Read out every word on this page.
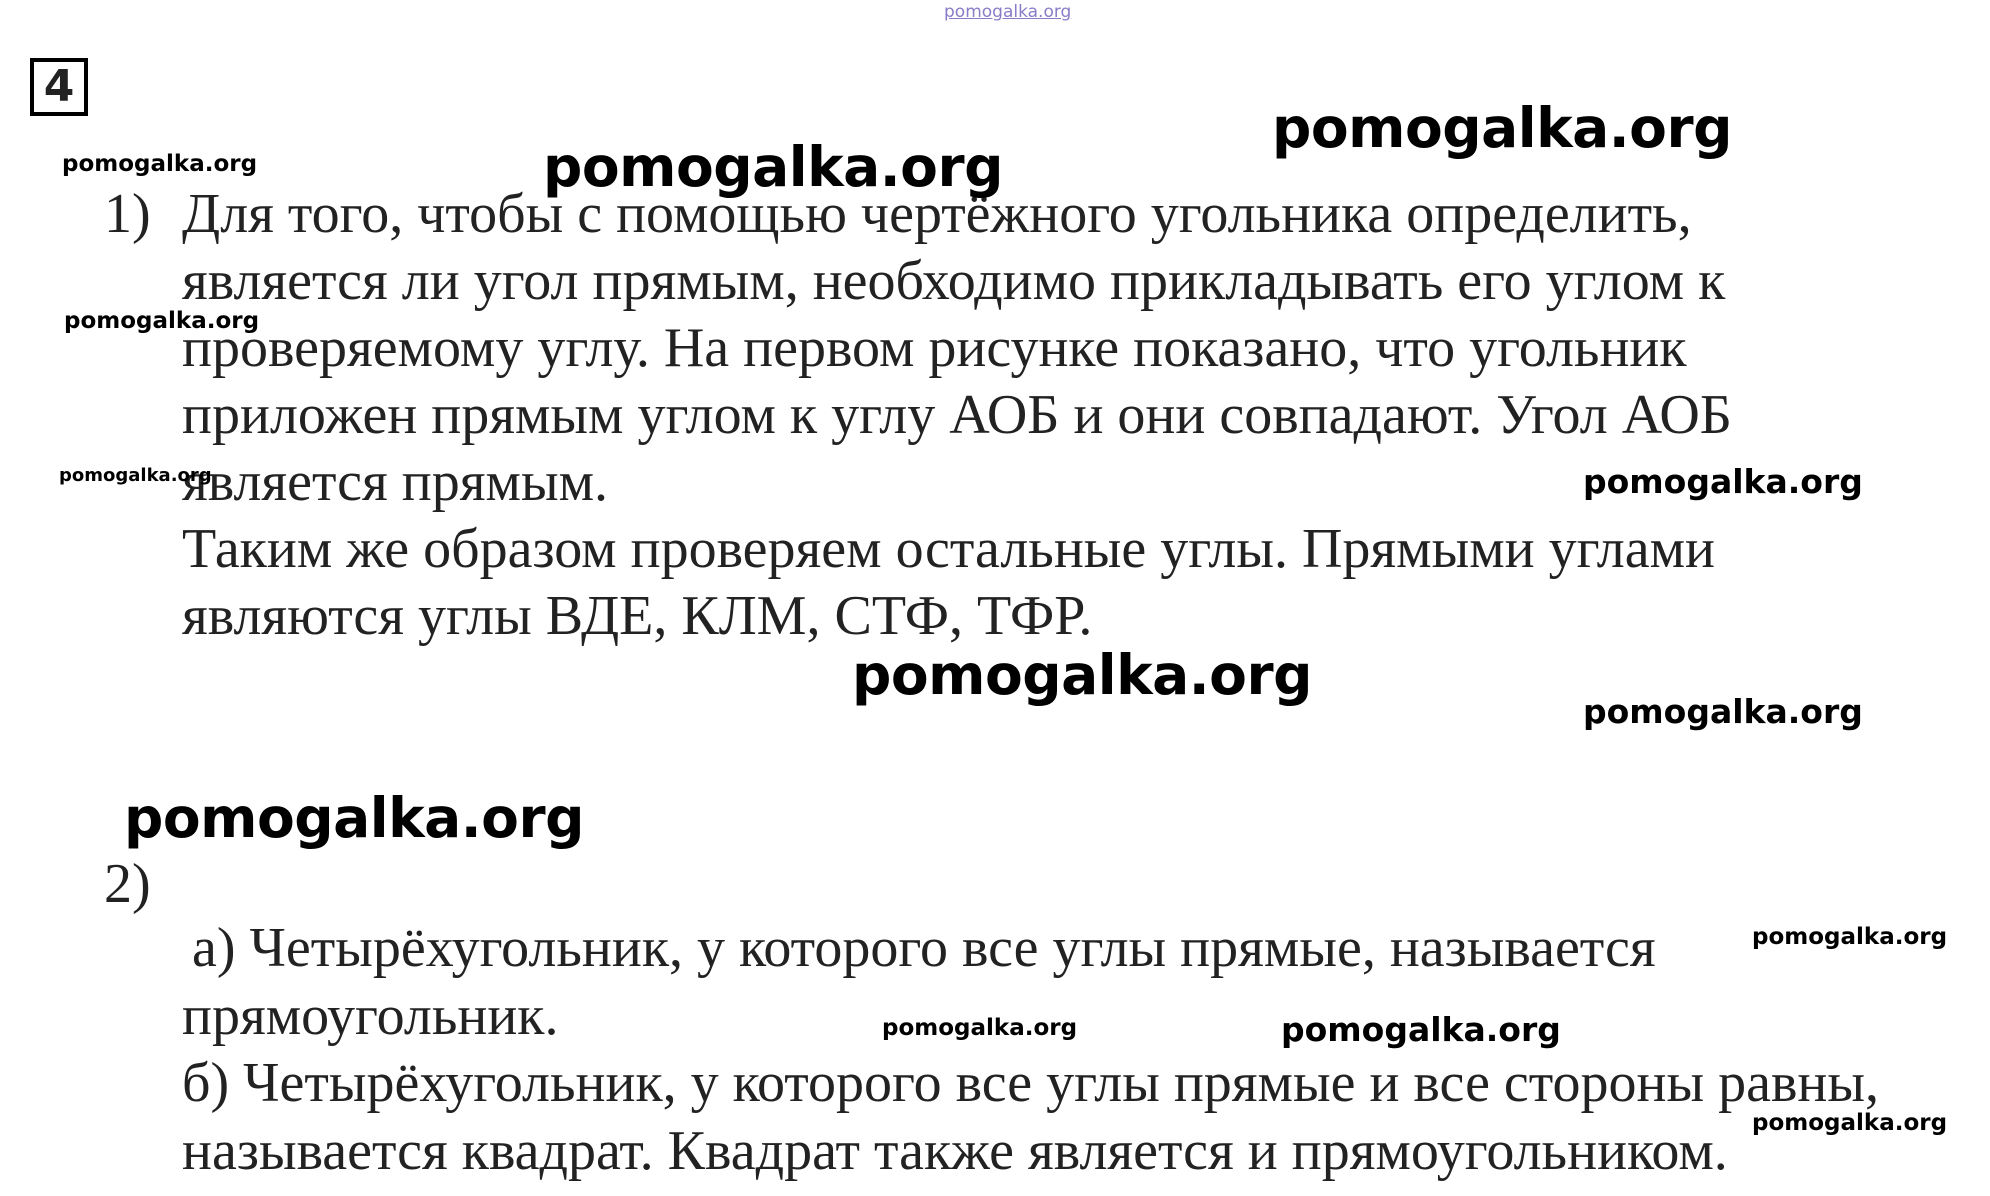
pomogalka.org
4
1) Для того, чтобы с помощью чертёжного угольника определить,
является ли угол прямым, необходимо прикладывать его углом к
проверяемому углу. На первом рисунке показано, что угольник
приложен прямым углом к углу АОБ и они совпадают. Угол АОБ
является прямым.
Таким же образом проверяем остальные углы. Прямыми углами
являются углы ВДЕ, КЛМ, СТФ, ТФР.
2)
а) Четырёхугольник, у которого все углы прямые, называется
прямоугольник.
б) Четырёхугольник, у которого все углы прямые и все стороны равны,
называется квадрат. Квадрат также является и прямоугольником.
pomogalka.org
pomogalka.org
pomogalka.org
pomogalka.org
pomogalka.org	pomogalka.org
pomogalka.org
pomogalka.org
pomogalka.org
pomogalka.org
pomogalka.org	pomogalka.org
pomogalka.org
